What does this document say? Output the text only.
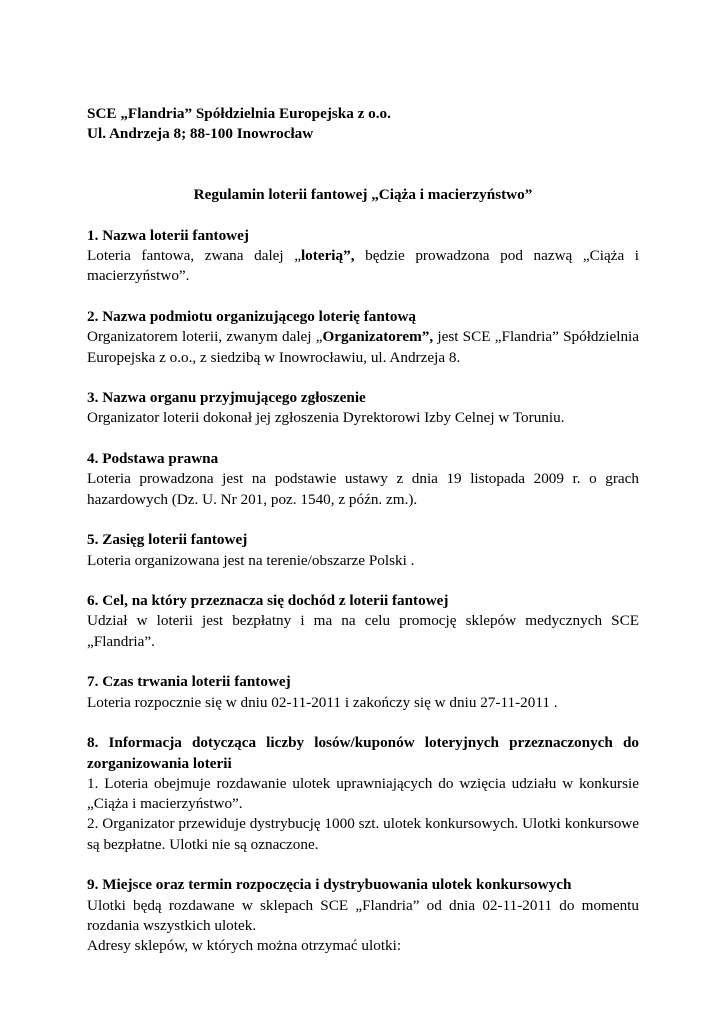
SCE „Flandria” Spółdzielnia Europejska z o.o.

Ul. Andrzeja 8; 88-100 Inowrocław

Regulamin loterii fantowej „Ciąża i macierzyństwo”

1. Nazwa loterii fantowej

Loteria fantowa, zwana dalej „loterią”, będzie prowadzona pod nazwą „Ciąża i macierzyństwo”.

2. Nazwa podmiotu organizującego loterię fantową

Organizatorem loterii, zwanym dalej „Organizatorem”, jest SCE „Flandria” Spółdzielnia Europejska z o.o., z siedzibą w Inowrocławiu, ul. Andrzeja 8.

3. Nazwa organu przyjmującego zgłoszenie

Organizator loterii dokonał jej zgłoszenia Dyrektorowi Izby Celnej w Toruniu.

4. Podstawa prawna

Loteria prowadzona jest na podstawie ustawy z dnia 19 listopada 2009 r. o grach hazardowych (Dz. U. Nr 201, poz. 1540, z późn. zm.).

5. Zasięg loterii fantowej

Loteria organizowana jest na terenie/obszarze Polski .

6. Cel, na który przeznacza się dochód z loterii fantowej

Udział w loterii jest bezpłatny i ma na celu promocję sklepów medycznych SCE „Flandria”.

7. Czas trwania loterii fantowej

Loteria rozpocznie się w dniu 02-11-2011 i zakończy się w dniu 27-11-2011 .

8. Informacja dotycząca liczby losów/kuponów loteryjnych przeznaczonych do zorganizowania loterii

1. Loteria obejmuje rozdawanie ulotek uprawniających do wzięcia udziału w konkursie „Ciąża i macierzyństwo”.

2. Organizator przewiduje dystrybucję 1000 szt. ulotek konkursowych. Ulotki konkursowe są bezpłatne. Ulotki nie są oznaczone.

9. Miejsce oraz termin rozpoczęcia i dystrybuowania ulotek konkursowych

Ulotki będą rozdawane w sklepach SCE „Flandria” od dnia 02-11-2011 do momentu rozdania wszystkich ulotek.

Adresy sklepów, w których można otrzymać ulotki:
